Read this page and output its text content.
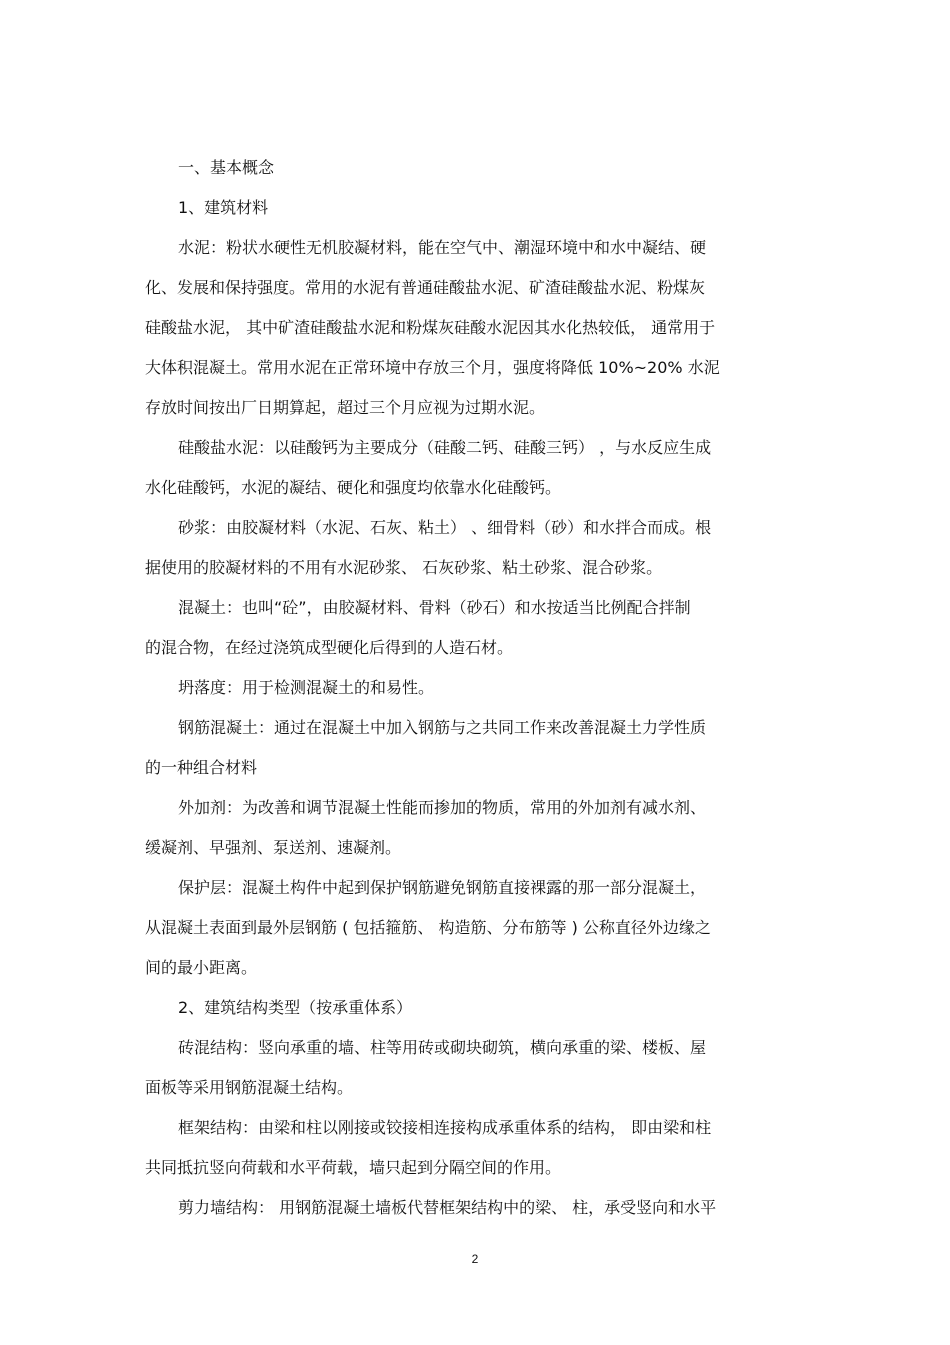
一、基本概念

1、建筑材料

水泥：粉状水硬性无机胶凝材料，能在空气中、潮湿环境中和水中凝结、硬

化、发展和保持强度。常用的水泥有普通硅酸盐水泥、矿渣硅酸盐水泥、粉煤灰

硅酸盐水泥， 其中矿渣硅酸盐水泥和粉煤灰硅酸水泥因其水化热较低， 通常用于

大体积混凝土。常用水泥在正常环境中存放三个月，强度将降低 10%~20% 水泥

存放时间按出厂日期算起，超过三个月应视为过期水泥。

硅酸盐水泥：以硅酸钙为主要成分（硅酸二钙、硅酸三钙） ，与水反应生成

水化硅酸钙，水泥的凝结、硬化和强度均依靠水化硅酸钙。

砂浆：由胶凝材料（水泥、石灰、粘土） 、细骨料（砂）和水拌合而成。根

据使用的胶凝材料的不用有水泥砂浆、 石灰砂浆、粘土砂浆、混合砂浆。

混凝土：也叫“砼”，由胶凝材料、骨料（砂石）和水按适当比例配合拌制

的混合物，在经过浇筑成型硬化后得到的人造石材。

坍落度：用于检测混凝土的和易性。

钢筋混凝土：通过在混凝土中加入钢筋与之共同工作来改善混凝土力学性质

的一种组合材料

外加剂：为改善和调节混凝土性能而掺加的物质，常用的外加剂有减水剂、

缓凝剂、早强剂、泵送剂、速凝剂。

保护层：混凝土构件中起到保护钢筋避免钢筋直接裸露的那一部分混凝土，

从混凝土表面到最外层钢筋 ( 包括箍筋、 构造筋、分布筋等 ) 公称直径外边缘之

间的最小距离。

2、建筑结构类型（按承重体系）

砖混结构：竖向承重的墙、柱等用砖或砌块砌筑，横向承重的梁、楼板、屋

面板等采用钢筋混凝土结构。

框架结构：由梁和柱以刚接或铰接相连接构成承重体系的结构， 即由梁和柱

共同抵抗竖向荷载和水平荷载，墙只起到分隔空间的作用。

剪力墙结构： 用钢筋混凝土墙板代替框架结构中的梁、 柱，承受竖向和水平

2
